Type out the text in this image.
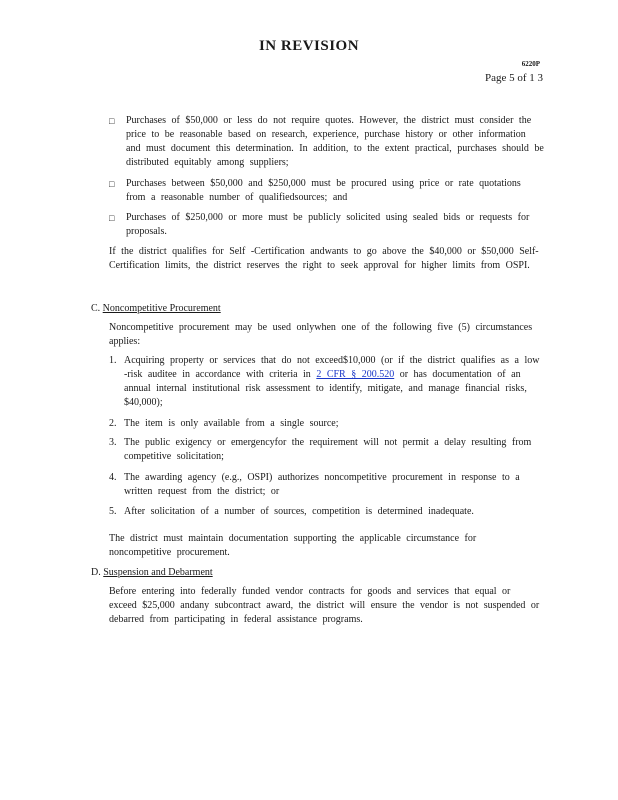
IN REVISION
6220P
Page 5 of 1 3
□ Purchases of $50,000 or less do not require quotes. However, the district must consider the price to be reasonable based on research, experience, purchase history or other information and must document this determination. In addition, to the extent practical, purchases should be distributed equitably among suppliers;
□ Purchases between $50,000 and $250,000 must be procured using price or rate quotations from a reasonable number of qualifiedsources; and
□ Purchases of $250,000 or more must be publicly solicited using sealed bids or requests for proposals.
If the district qualifies for Self -Certification andwants to go above the $40,000 or $50,000 Self- Certification limits, the district reserves the right to seek approval for higher limits from OSPI.
C. Noncompetitive Procurement
Noncompetitive procurement may be used onlywhen one of the following five (5) circumstances applies:
1. Acquiring property or services that do not exceed$10,000 (or if the district qualifies as a low -risk auditee in accordance with criteria in 2 CFR § 200.520 or has documentation of an annual internal institutional risk assessment to identify, mitigate, and manage financial risks, $40,000);
2. The item is only available from a single source;
3. The public exigency or emergencyfor the requirement will not permit a delay resulting from competitive solicitation;
4. The awarding agency (e.g., OSPI) authorizes noncompetitive procurement in response to a written request from the district; or
5. After solicitation of a number of sources, competition is determined inadequate.
The district must maintain documentation supporting the applicable circumstance for noncompetitive procurement.
D. Suspension and Debarment
Before entering into federally funded vendor contracts for goods and services that equal or exceed $25,000 andany subcontract award, the district will ensure the vendor is not suspended or debarred from participating in federal assistance programs.
